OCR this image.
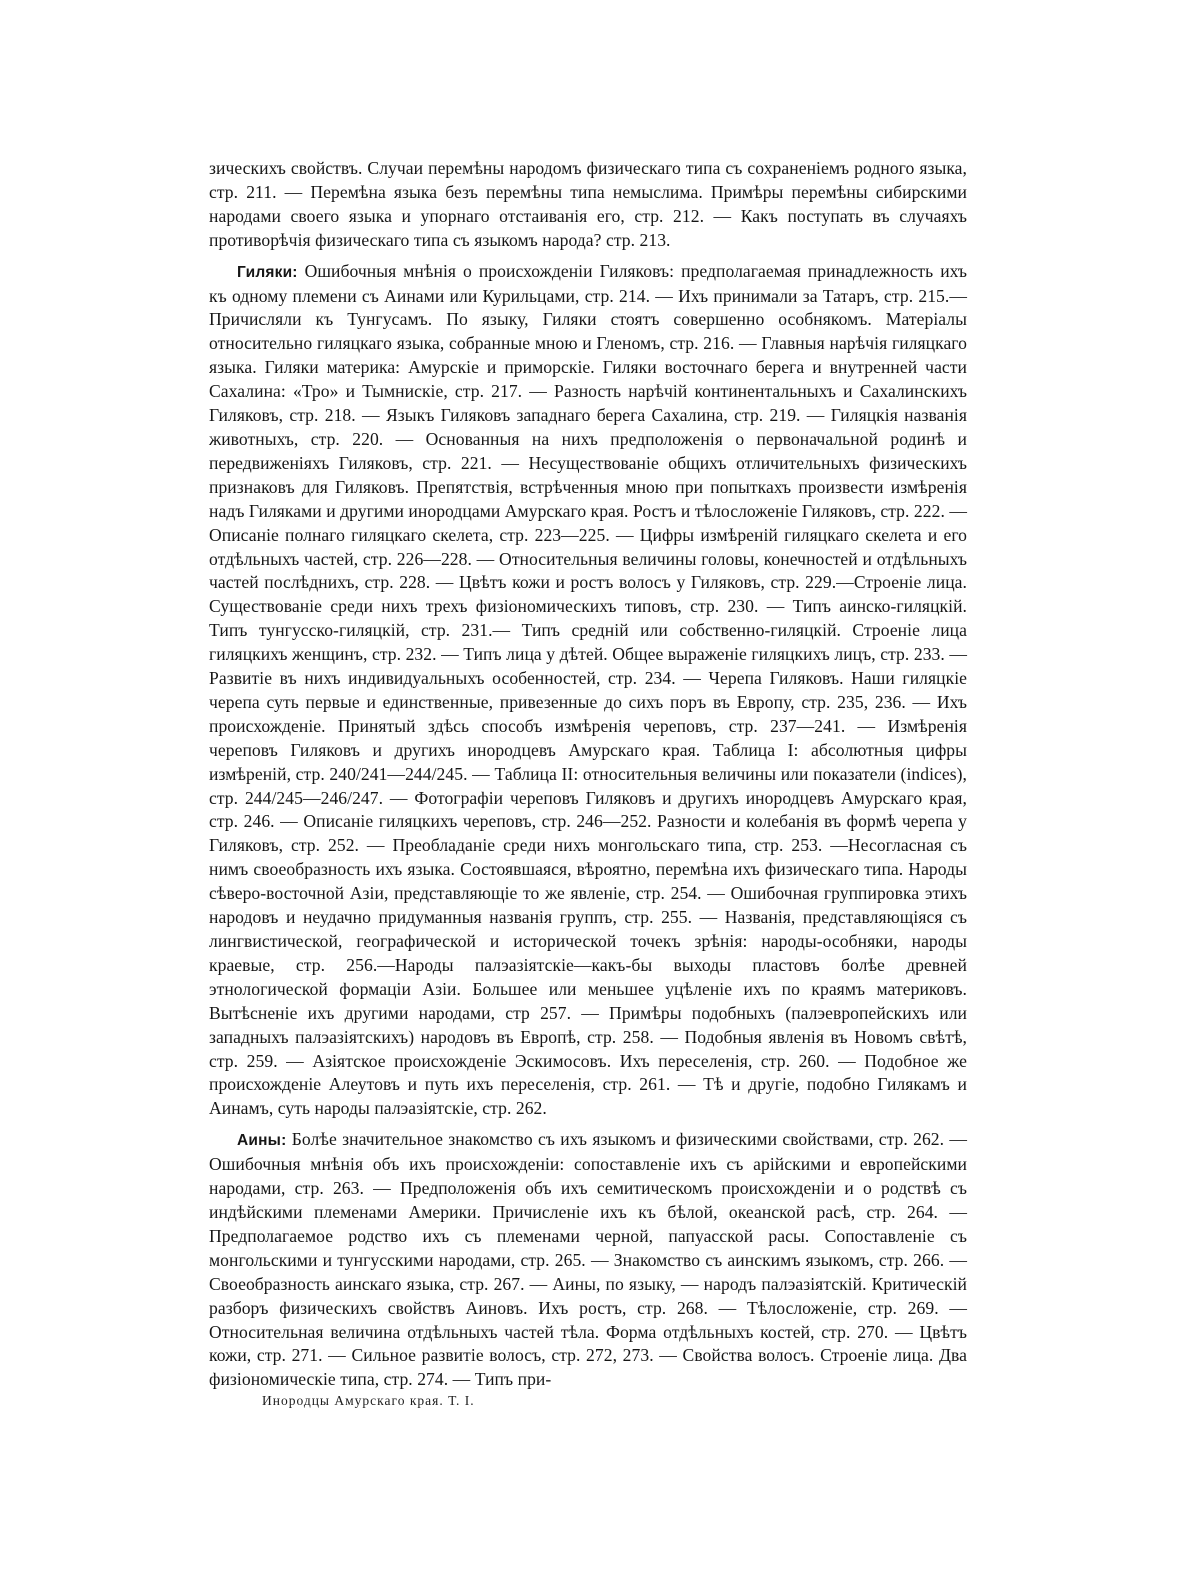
зическихъ свойствъ. Случаи перемѣны народомъ физическаго типа съ сохраненіемъ родного языка, стр. 211. — Перемѣна языка безъ перемѣны типа немыслима. Примѣры перемѣны сибирскими народами своего языка и упорнаго отстаиванія его, стр. 212. — Какъ поступать въ случаяхъ противорѣчія физическаго типа съ языкомъ народа? стр. 213.

Гиляки: Ошибочныя мнѣнія о происхожденіи Гиляковъ: предполагаемая принадлежность ихъ къ одному племени съ Аинами или Курильцами, стр. 214. — Ихъ принимали за Татаръ, стр. 215.—Причисляли къ Тунгусамъ. По языку, Гиляки стоятъ совершенно особнякомъ. Матеріалы относительно гиляцкаго языка, собранные мною и Гленомъ, стр. 216. — Главныя нарѣчія гиляцкаго языка. Гиляки материка: Амурскіе и приморскіе. Гиляки восточнаго берега и внутренней части Сахалина: «Тро» и Тымнискіе, стр. 217. — Разность нарѣчій континентальныхъ и Сахалинскихъ Гиляковъ, стр. 218. — Языкъ Гиляковъ западнаго берега Сахалина, стр. 219. — Гиляцкія названія животныхъ, стр. 220. — Основанныя на нихъ предположенія о первоначальной родинѣ и передвиженіяхъ Гиляковъ, стр. 221. — Несуществованіе общихъ отличительныхъ физическихъ признаковъ для Гиляковъ. Препятствія, встрѣченныя мною при попыткахъ произвести измѣренія надъ Гиляками и другими инородцами Амурскаго края. Ростъ и тѣлосложеніе Гиляковъ, стр. 222. — Описаніе полнаго гиляцкаго скелета, стр. 223—225. — Цифры измѣреній гиляцкаго скелета и его отдѣльныхъ частей, стр. 226—228. — Относительныя величины головы, конечностей и отдѣльныхъ частей послѣднихъ, стр. 228. — Цвѣтъ кожи и ростъ волосъ у Гиляковъ, стр. 229.—Строеніе лица. Существованіе среди нихъ трехъ физіономическихъ типовъ, стр. 230. — Типъ аинско-гиляцкій. Типъ тунгусско-гиляцкій, стр. 231.— Типъ средній или собственно-гиляцкій. Строеніе лица гиляцкихъ женщинъ, стр. 232. — Типъ лица у дѣтей. Общее выраженіе гиляцкихъ лицъ, стр. 233. —Развитіе въ нихъ индивидуальныхъ особенностей, стр. 234. — Черепа Гиляковъ. Наши гиляцкіе черепа суть первые и единственные, привезенные до сихъ поръ въ Европу, стр. 235, 236. — Ихъ происхожденіе. Принятый здѣсь способъ измѣренія череповъ, стр. 237—241. — Измѣренія череповъ Гиляковъ и другихъ инородцевъ Амурскаго края. Таблица I: абсолютныя цифры измѣреній, стр. 240/241—244/245. — Таблица II: относительныя величины или показатели (indices), стр. 244/245—246/247. — Фотографіи череповъ Гиляковъ и другихъ инородцевъ Амурскаго края, стр. 246. — Описаніе гиляцкихъ череповъ, стр. 246—252. Разности и колебанія въ формѣ черепа у Гиляковъ, стр. 252. — Преобладаніе среди нихъ монгольскаго типа, стр. 253. —Несогласная съ нимъ своеобразность ихъ языка. Состоявшаяся, вѣроятно, перемѣна ихъ физическаго типа. Народы сѣверо-восточной Азіи, представляющіе то же явленіе, стр. 254. — Ошибочная группировка этихъ народовъ и неудачно придуманныя названія группъ, стр. 255. — Названія, представляющіяся съ лингвистической, географической и исторической точекъ зрѣнія: народы-особняки, народы краевые, стр. 256.—Народы палэазіятскіе—какъ-бы выходы пластовъ болѣе древней этнологической формаціи Азіи. Большее или меньшее уцѣленіе ихъ по краямъ материковъ. Вытѣсненіе ихъ другими народами, стр 257. — Примѣры подобныхъ (палэевропейскихъ или западныхъ палэазіятскихъ) народовъ въ Европѣ, стр. 258. — Подобныя явленія въ Новомъ свѣтѣ, стр. 259. — Азіятское происхожденіе Эскимосовъ. Ихъ переселенія, стр. 260. — Подобное же происхожденіе Алеутовъ и путь ихъ переселенія, стр. 261. — Тѣ и другіе, подобно Гилякамъ и Аинамъ, суть народы палэазіятскіе, стр. 262.

Аины: Болѣе значительное знакомство съ ихъ языкомъ и физическими свойствами, стр. 262. — Ошибочныя мнѣнія объ ихъ происхожденіи: сопоставленіе ихъ съ арійскими и европейскими народами, стр. 263. — Предположенія объ ихъ семитическомъ происхожденіи и о родствѣ съ индѣйскими племенами Америки. Причисленіе ихъ къ бѣлой, океанской расѣ, стр. 264. — Предполагаемое родство ихъ съ племенами черной, папуасской расы. Сопоставленіе съ монгольскими и тунгусскими народами, стр. 265. — Знакомство съ аинскимъ языкомъ, стр. 266. — Своеобразность аинскаго языка, стр. 267. — Аины, по языку, — народъ палэазіятскій. Критическій разборъ физическихъ свойствъ Аиновъ. Ихъ ростъ, стр. 268. — Тѣлосложеніе, стр. 269. — Относительная величина отдѣльныхъ частей тѣла. Форма отдѣльныхъ костей, стр. 270. — Цвѣтъ кожи, стр. 271. — Сильное развитіе волосъ, стр. 272, 273. — Свойства волосъ. Строеніе лица. Два физіономическіе типа, стр. 274. — Типъ при-

Инородцы Амурскаго края. Т. I.
